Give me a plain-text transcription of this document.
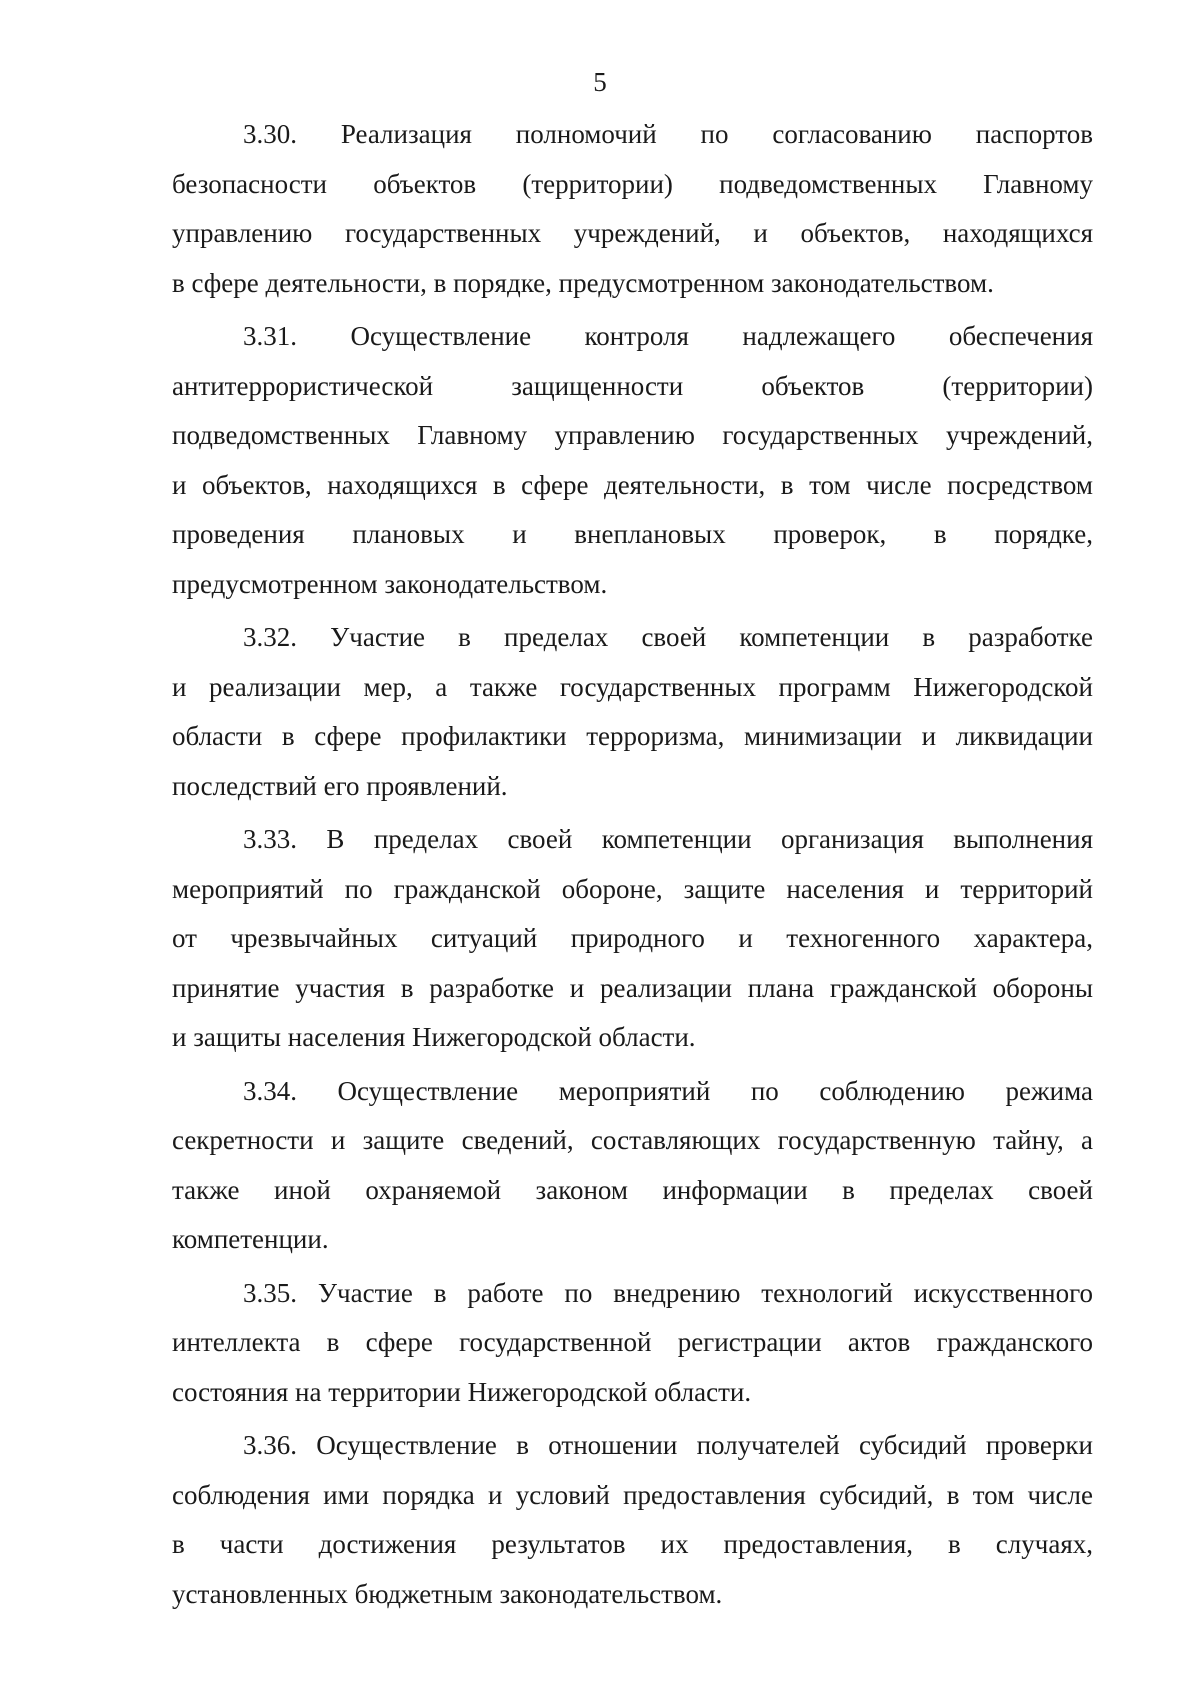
5

3.30. Реализация полномочий по согласованию паспортов
безопасности объектов (территории) подведомственных Главному
управлению государственных учреждений, и объектов, находящихся
в сфере деятельности, в порядке, предусмотренном законодательством.

3.31. Осуществление контроля надлежащего обеспечения
антитеррористической защищенности объектов (территории)
подведомственных Главному управлению государственных учреждений,
и объектов, находящихся в сфере деятельности, в том числе посредством
проведения плановых и внеплановых проверок, в порядке,
предусмотренном законодательством.

3.32. Участие в пределах своей компетенции в разработке
и реализации мер, а также государственных программ Нижегородской
области в сфере профилактики терроризма, минимизации и ликвидации
последствий его проявлений.

3.33. В пределах своей компетенции организация выполнения
мероприятий по гражданской обороне, защите населения и территорий
от чрезвычайных ситуаций природного и техногенного характера,
принятие участия в разработке и реализации плана гражданской обороны
и защиты населения Нижегородской области.

3.34. Осуществление мероприятий по соблюдению режима
секретности и защите сведений, составляющих государственную тайну, а
также иной охраняемой законом информации в пределах своей
компетенции.

3.35. Участие в работе по внедрению технологий искусственного
интеллекта в сфере государственной регистрации актов гражданского
состояния на территории Нижегородской области.

3.36. Осуществление в отношении получателей субсидий проверки
соблюдения ими порядка и условий предоставления субсидий, в том числе
в части достижения результатов их предоставления, в случаях,
установленных бюджетным законодательством.
